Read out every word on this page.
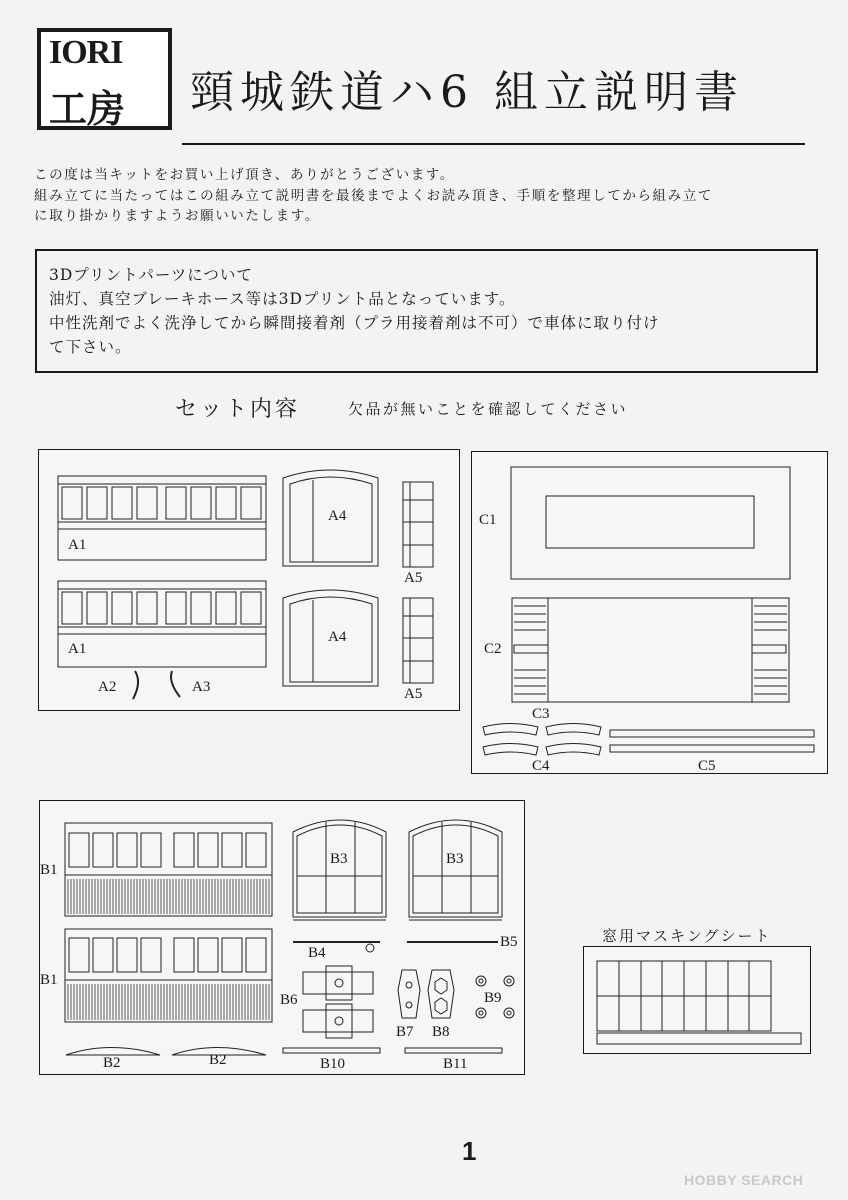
IORI
工房 頸城鉄道ハ6 組立説明書
この度は当キットをお買い上げ頂き、ありがとうございます。
組み立てに当たってはこの組み立て説明書を最後までよくお読み頂き、手順を整理してから組み立て
に取り掛かりますようお願いいたします。
3Dプリントパーツについて
油灯、真空ブレーキホース等は3Dプリント品となっています。
中性洗剤でよく洗浄してから瞬間接着剤（プラ用接着剤は不可）で車体に取り付け
て下さい。
セット内容	欠品が無いことを確認してください
A1
A1
A2	A3
A4
A4
A5
A5
C1
C2
C3
C4	C5
B1
B1
B2	B2
B3	B3
B4
B5
B6
B7 B8
B9
B10	B11
窓用マスキングシート
1
HOBBY SEARCH
